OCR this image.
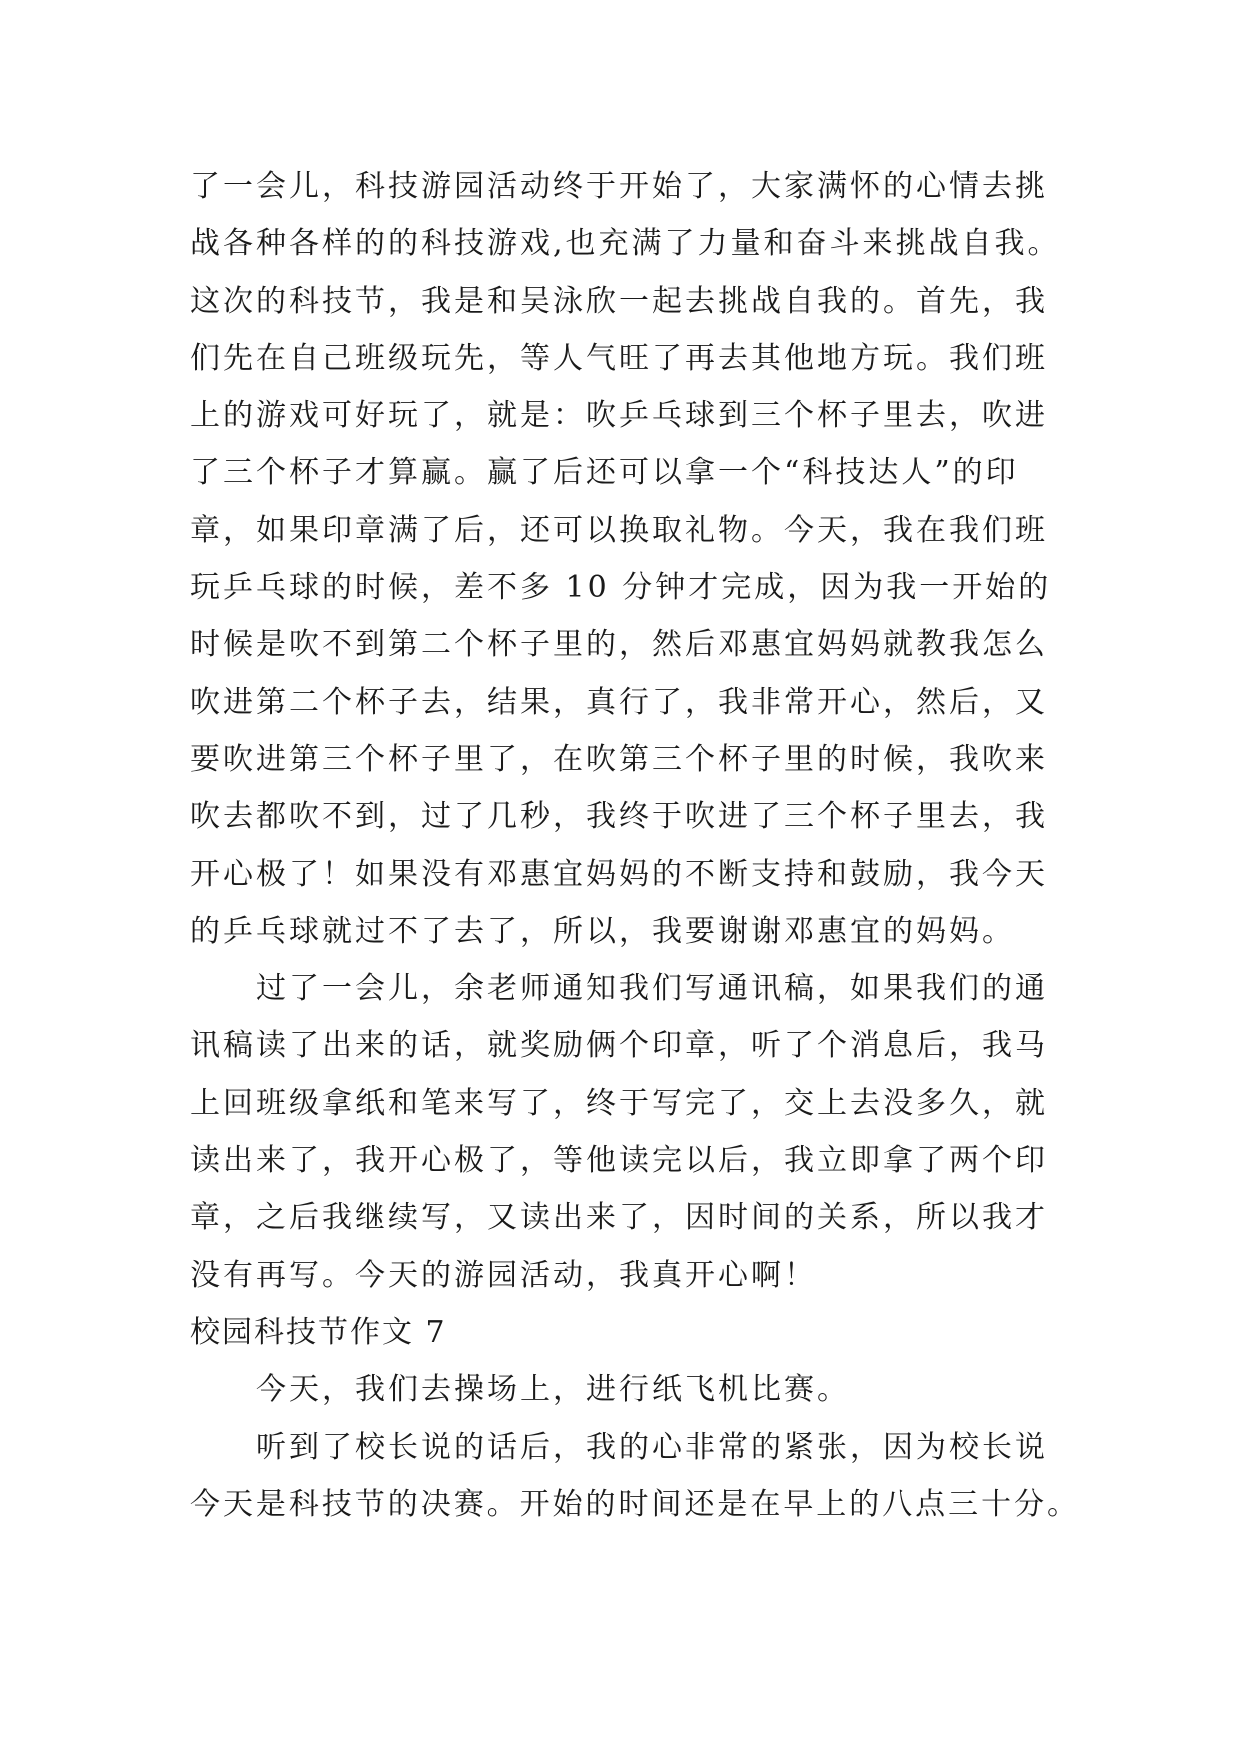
了一会儿，科技游园活动终于开始了，大家满怀的心情去挑
战各种各样的的科技游戏,也充满了力量和奋斗来挑战自我。
这次的科技节，我是和吴泳欣一起去挑战自我的。首先，我
们先在自己班级玩先，等人气旺了再去其他地方玩。我们班
上的游戏可好玩了，就是：吹乒乓球到三个杯子里去，吹进
了三个杯子才算赢。赢了后还可以拿一个“科技达人”的印
章，如果印章满了后，还可以换取礼物。今天，我在我们班
玩乒乓球的时候，差不多 10 分钟才完成，因为我一开始的
时候是吹不到第二个杯子里的，然后邓惠宜妈妈就教我怎么
吹进第二个杯子去，结果，真行了，我非常开心，然后，又
要吹进第三个杯子里了，在吹第三个杯子里的时候，我吹来
吹去都吹不到，过了几秒，我终于吹进了三个杯子里去，我
开心极了！如果没有邓惠宜妈妈的不断支持和鼓励，我今天
的乒乓球就过不了去了，所以，我要谢谢邓惠宜的妈妈。
过了一会儿，余老师通知我们写通讯稿，如果我们的通
讯稿读了出来的话，就奖励俩个印章，听了个消息后，我马
上回班级拿纸和笔来写了，终于写完了，交上去没多久，就
读出来了，我开心极了，等他读完以后，我立即拿了两个印
章，之后我继续写，又读出来了，因时间的关系，所以我才
没有再写。今天的游园活动，我真开心啊！
校园科技节作文 7
今天，我们去操场上，进行纸飞机比赛。
听到了校长说的话后，我的心非常的紧张，因为校长说
今天是科技节的决赛。开始的时间还是在早上的八点三十分。
